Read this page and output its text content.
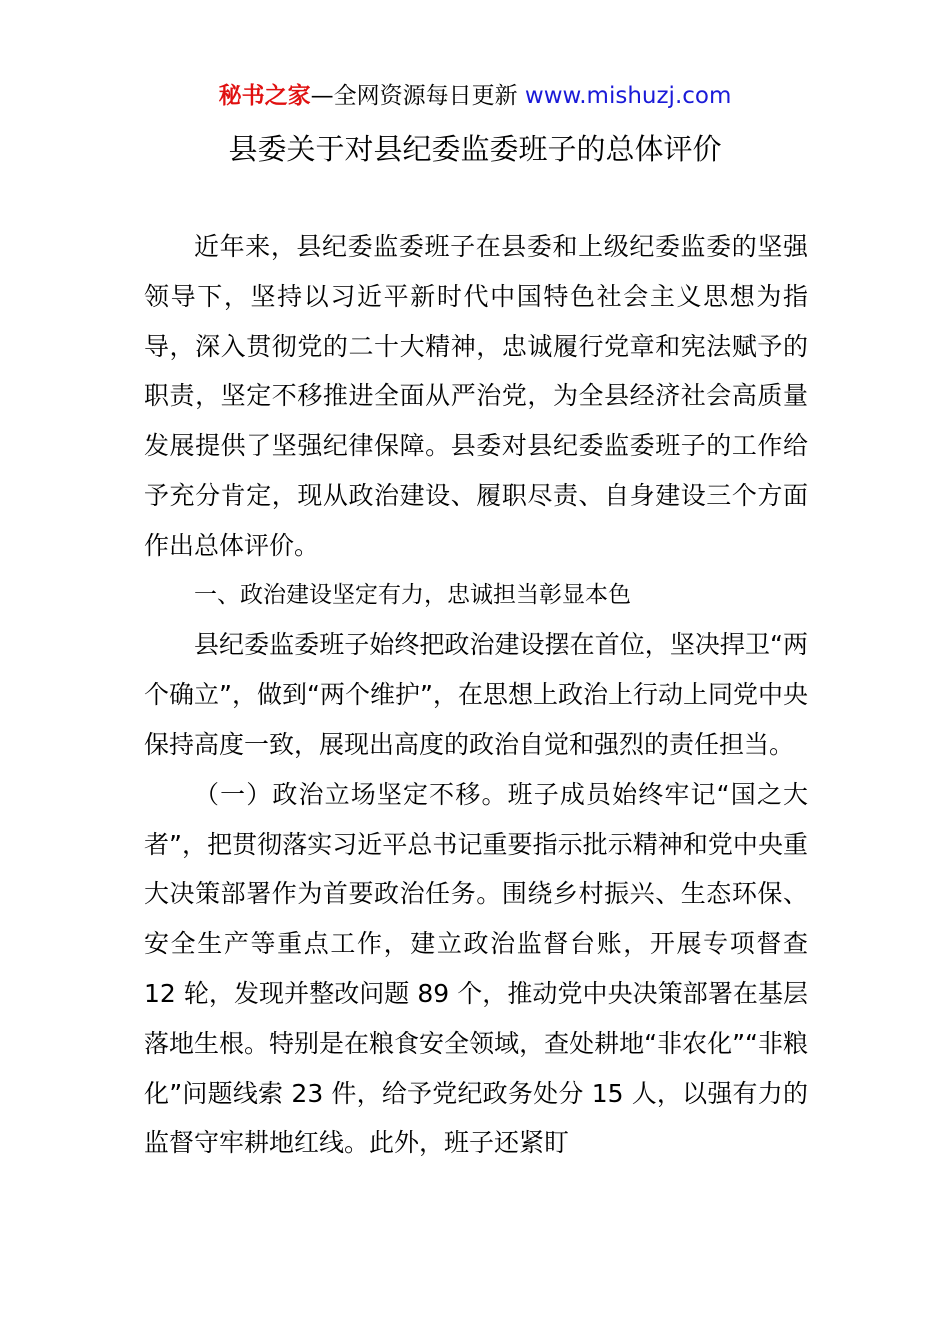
秘书之家—全网资源每日更新 www.mishuzj.com
县委关于对县纪委监委班子的总体评价

近年来，县纪委监委班子在县委和上级纪委监委的坚强领导下，坚持以习近平新时代中国特色社会主义思想为指导，深入贯彻党的二十大精神，忠诚履行党章和宪法赋予的职责，坚定不移推进全面从严治党，为全县经济社会高质量发展提供了坚强纪律保障。县委对县纪委监委班子的工作给予充分肯定，现从政治建设、履职尽责、自身建设三个方面作出总体评价。

一、政治建设坚定有力，忠诚担当彰显本色

县纪委监委班子始终把政治建设摆在首位，坚决捍卫“两个确立”，做到“两个维护”，在思想上政治上行动上同党中央保持高度一致，展现出高度的政治自觉和强烈的责任担当。

（一）政治立场坚定不移。班子成员始终牢记“国之大者”，把贯彻落实习近平总书记重要指示批示精神和党中央重大决策部署作为首要政治任务。围绕乡村振兴、生态环保、安全生产等重点工作，建立政治监督台账，开展专项督查 12 轮，发现并整改问题 89 个，推动党中央决策部署在基层落地生根。特别是在粮食安全领域，查处耕地“非农化”“非粮化”问题线索 23 件，给予党纪政务处分 15 人，以强有力的监督守牢耕地红线。此外，班子还紧盯
